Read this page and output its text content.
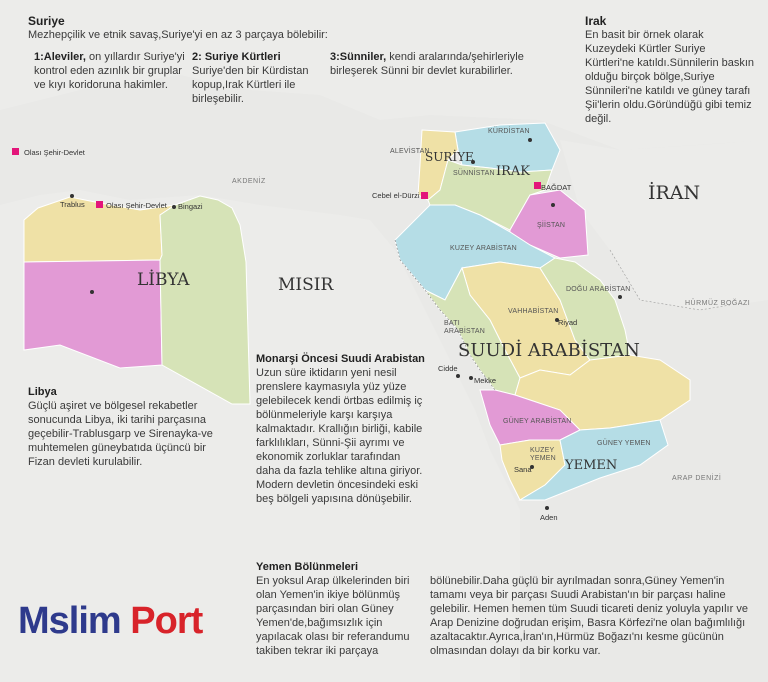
Suriye
Mezhepçilik ve etnik savaş,Suriye'yi en az 3 parçaya bölebilir:
1:Aleviler, on yıllardır Suriye'yi kontrol eden azınlık bir gruplar ve kıyı koridoruna hakimler.
2: Suriye Kürtleri
Suriye'den bir Kürdistan kopup,Irak Kürtleri ile birleşebilir.
3:Sünniler, kendi aralarında/şehirleriyle birleşerek Sünni bir devlet kurabilirler.
Irak
En basit bir örnek olarak Kuzeydeki Kürtler Suriye Kürtleri'ne katıldı.Sünnilerin baskın olduğu birçok bölge,Suriye Sünnileri'ne katıldı ve güney tarafı Şii'lerin oldu.Göründüğü gibi temiz değil.
Olası Şehir-Devlet
Olası Şehir-Devlet
Libya
Güçlü aşiret ve bölgesel rekabetler sonucunda Libya, iki tarihi parçasına geçebilir-Trablusgarp ve Sirenayka-ve muhtemelen güneybatıda üçüncü bir Fizan devleti kurulabilir.
Monarşi Öncesi Suudi Arabistan
Uzun süre iktidarın yeni nesil prenslere kaymasıyla yüz yüze gelebilecek kendi örtbas edilmiş iç bölünmeleriyle karşı karşıya kalmaktadır. Krallığın birliği, kabile farklılıkları, Sünni-Şii ayrımı ve ekonomik zorluklar tarafından daha da fazla tehlike altına giriyor. Modern devletin öncesindeki eski beş bölgeli yapısına dönüşebilir.
Yemen Bölünmeleri
En yoksul Arap ülkelerinden biri olan Yemen'in ikiye bölünmüş parçasından biri olan Güney Yemen'de,bağımsızlık için yapılacak olası bir referandumu takiben tekrar iki parçaya
bölünebilir.Daha güçlü bir ayrılmadan sonra,Güney Yemen'in tamamı veya bir parçası Suudi Arabistan'ın bir parçası haline gelebilir. Hemen hemen tüm Suudi ticareti deniz yoluyla yapılır ve Arap Denizine doğrudan erişim, Basra Körfezi'ne olan bağımlılığı azaltacaktır.Ayrıca,İran'ın,Hürmüz Boğazı'nı kesme gücünün olmasından dolayı da bir korku var.
LİBYA	MISIR
İRAN
SUUDİ ARABİSTAN
SURİYE
IRAK
YEMEN
KÜRDİSTAN
ALEVİSTAN
SÜNNİSTAN
ŞİİSTAN
KUZEY ARABİSTAN
DOĞU ARABİSTAN
VAHHABİSTAN
BATI
ARABİSTAN
GÜNEY ARABİSTAN
GÜNEY YEMEN
KUZEY
YEMEN
AKDENİZ
HÜRMÜZ BOĞAZI
ARAP DENİZİ
Trablus	Bingazi
BAĞDAT
Cebel el-Dürzi
Riyad
Cidde
Mekke
Sana
Aden
Mslim Port
